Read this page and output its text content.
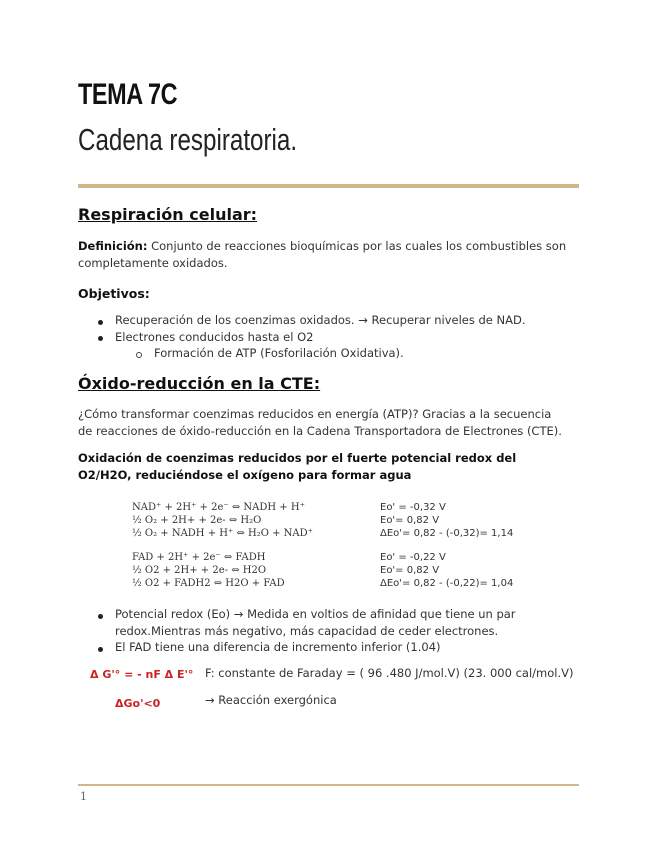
TEMA 7C
Cadena respiratoria.
Respiración celular:
Definición: Conjunto de reacciones bioquímicas por las cuales los combustibles son completamente oxidados.
Objetivos:
Recuperación de los coenzimas oxidados. → Recuperar niveles de NAD.
Electrones conducidos hasta el O2
Formación de ATP (Fosforilación Oxidativa).
Óxido-reducción en la CTE:
¿Cómo transformar coenzimas reducidos en energía (ATP)? Gracias a la secuencia de reacciones de óxido-reducción en la Cadena Transportadora de Electrones (CTE).
Oxidación de coenzimas reducidos por el fuerte potencial redox del O2/H2O, reduciéndose el oxígeno para formar agua
NAD⁺ + 2H⁺ + 2e⁻ ⇔ NADH + H⁺	Eo' = -0,32 V
½ O₂ + 2H+ + 2e- ⇔ H₂O	Eo'= 0,82 V
½ O₂ + NADH + H⁺ ⇔ H₂O + NAD⁺	ΔEo'= 0,82 - (-0,32)= 1,14
FAD + 2H⁺ + 2e⁻ ⇔ FADH	Eo' = -0,22 V
½ O2 + 2H+ + 2e- ⇔ H2O	Eo'= 0,82 V
½ O2 + FADH2 ⇔ H2O + FAD	ΔEo'= 0,82 - (-0,22)= 1,04
Potencial redox (Eo) → Medida en voltios de afinidad que tiene un par
redox.Mientras más negativo, más capacidad de ceder electrones.
El FAD tiene una diferencia de incremento inferior (1.04)
Δ G'° = - nF Δ E'° F: constante de Faraday = ( 96 .480 J/mol.V) (23. 000 cal/mol.V)
ΔGo'<0	→ Reacción exergónica
1
